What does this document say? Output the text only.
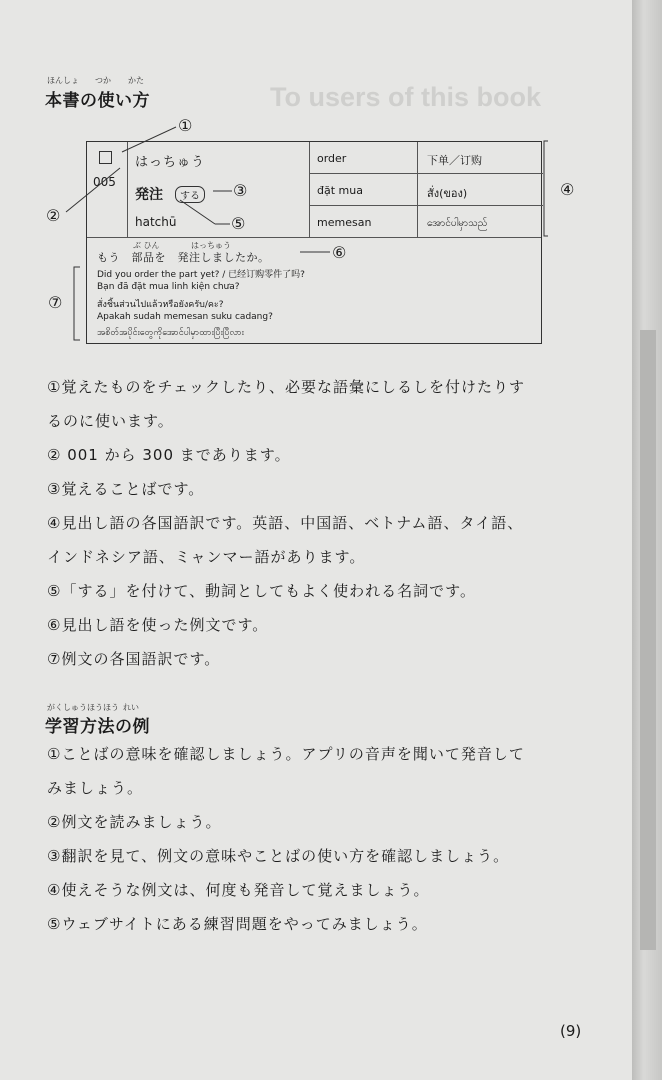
To users of this book
ほんしょ つか かた
本書の使い方
005
はっちゅう
発注	する
hatchū
order	下单／订购
đặt mua	สั่ง(ของ)
memesan	အောင်ပါမှာသည်
ぶ ひん	はっちゅう
もう　部品を　発注しましたか。
Did you order the part yet? / 已经订购零件了吗?
Bạn đã đặt mua linh kiện chưa?
สั่งชิ้นส่วนไปแล้วหรือยังครับ/คะ?
Apakah sudah memesan suku cadang?
အစိတ်အပိုင်းတွေကိုအောင်ပါမှာထားပြီးပြီလား
①
②
③
⑤
④
⑥
⑦
①覚えたものをチェックしたり、必要な語彙にしるしを付けたりす
るのに使います。
② 001 から 300 まであります。
③覚えることばです。
④見出し語の各国語訳です。英語、中国語、ベトナム語、タイ語、
インドネシア語、ミャンマー語があります。
⑤「する」を付けて、動詞としてもよく使われる名詞です。
⑥見出し語を使った例文です。
⑦例文の各国語訳です。
がくしゅうほうほう れい
学習方法の例
①ことばの意味を確認しましょう。アプリの音声を聞いて発音して
みましょう。
②例文を読みましょう。
③翻訳を見て、例文の意味やことばの使い方を確認しましょう。
④使えそうな例文は、何度も発音して覚えましょう。
⑤ウェブサイトにある練習問題をやってみましょう。
(9)
